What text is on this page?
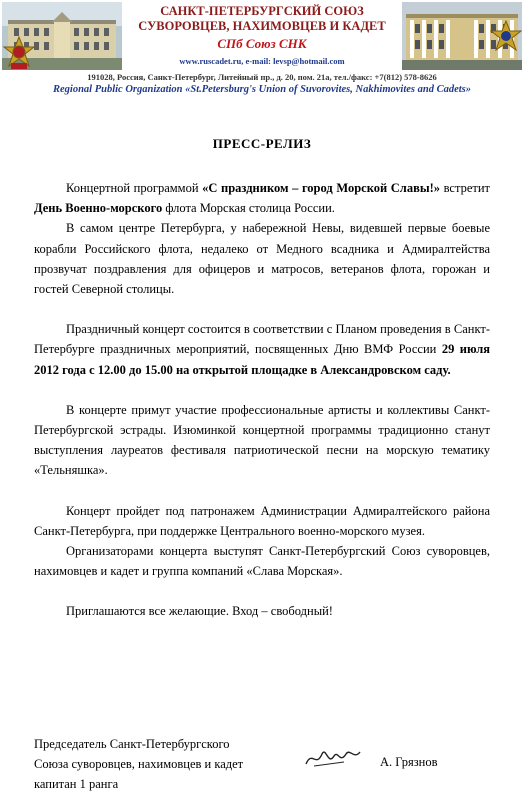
САНКТ-ПЕТЕРБУРГСКИЙ СОЮЗ
СУВОРОВЦЕВ, НАХИМОВЦЕВ И КАДЕТ
СПб Союз СНК
www.ruscadet.ru, e-mail: levsp@hotmail.com
191028, Россия, Санкт-Петербург, Литейный пр., д. 20, пом. 21а, тел./факс: +7(812) 578-8626
Regional Public Organization «St.Petersburg's Union of Suvorovites, Nakhimovites and Cadets»
ПРЕСС-РЕЛИЗ

Концертной программой «С праздником – город Морской Славы!» встретит День Военно-морского флота Морская столица России.

В самом центре Петербурга, у набережной Невы, видевшей первые боевые корабли Российского флота, недалеко от Медного всадника и Адмиралтейства прозвучат поздравления для офицеров и матросов, ветеранов флота, горожан и гостей Северной столицы.

Праздничный концерт состоится в соответствии с Планом проведения в Санкт-Петербурге праздничных мероприятий, посвященных Дню ВМФ России 29 июля 2012 года с 12.00 до 15.00 на открытой площадке в Александровском саду.

В концерте примут участие профессиональные артисты и коллективы Санкт-Петербургской эстрады. Изюминкой концертной программы традиционно станут выступления лауреатов фестиваля патриотической песни на морскую тематику «Тельняшка».

Концерт пройдет под патронажем Администрации Адмиралтейского района Санкт-Петербурга, при поддержке Центрального военно-морского музея.

Организаторами концерта выступят Санкт-Петербургский Союз суворовцев, нахимовцев и кадет и группа компаний «Слава Морская».

Приглашаются все желающие. Вход – свободный!

Председатель Санкт-Петербургского
Союза суворовцев, нахимовцев и кадет
капитан 1 ранга
А. Грязнов
